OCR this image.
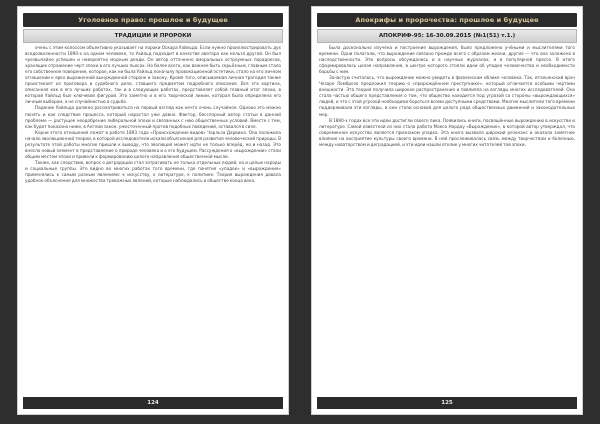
Уголовное право: прошлое и будущее
ТРАДИЦИИ И ПРОРОКИ

очень с этим колоссом объективно указывает на пороки Оскара Уайльда. Если нужно проиллюстрировать дух вседозволенности 1890-х на одном человеке, то Уайльд подходит в качестве аватара как нельзя другой. Он был чрезвычайно успешен и невероятно модным денди. Он автор отточенно аморальных остроумных парадоксов, хранящих отражение черт эпохи в его лучших пьесах. Но более всего, как важнее быть серьёзным, главным стало его собственное поведение, которое, как ни была Уайльд поначалу провокационной эстетики, стало на его личном отношении к ярко выраженной вынужденной стороне и закону. Кроме того, описываемая личная трагедия также проистекает из приговора и судебного дела, ставшего предметом подробного описания. Вся эта картина, описанная как в его лучших работах, так и в следующих работах, представляет собой главный итог эпохи, в которой Уайльд был ключевой фигурой. Это заметно и в его творческой линии, которая была определена его личным выбором, а не случайностью в судьбе.

Падение Уайльда должно рассматриваться на первый взгляд как нечто очень случайное. Однако это можно понять и как следствие процесса, который нарастал уже давно. Фактор, бесспорный автор статьи в данной проблеме — растущее неодобрение либеральной эпохи и связанных с нею общественных условий. Вместе с тем, как будет показано ниже, в Англии закон, ужесточенный против подобных поведений, оставался в силе.

Корни этого отношения лежат в работе 1893 года «Происхождение видов» Чарльза Дарвина. Она положила начало эволюционной теории, в которой исследователи искали объяснения для развития человеческой природы. В результате этой работы многие пришли к выводу, что эволюция может идти не только вперёд, но и назад. Это внесло новый элемент в представление о природе человека и о его будущем. Рассуждения о «вырождении» стали общим местом эпохи и привели к формированию целого направления общественной мысли.

Также, как следствие, вопрос о деградации стал затрагивать не только отдельных людей, но и целые народы и социальные группы. Это видно во многих работах того времени, где понятия «упадок» и «вырождение» применялись к самым разным явлениям: к искусству, к литературе, к политике. Теория вырождения давала удобное объяснение для множества тревожных явлений, которые наблюдались в обществе конца века.

124
Апокрифы и пророчества: прошлое и будущее
АПОКРИФ-95: 16-30.09.2015 (№1(51) т.1.)

Была досконально изучена и построение вырождения, было предложено учёными и мыслителями того времени. Одни полагали, что вырождение связано прежде всего с образом жизни, другие — что оно заложено в наследственности. Эти вопросы обсуждались и в научных журналах, и в популярной прессе. В итоге сформировалось целое направление, в центре которого стояли идеи об упадке человечества и необходимости борьбы с ним.

Зачастую считалось, что вырождение можно увидеть в физическом облике человека. Так, итальянский врач Чезаре Ломброзо предложил теорию о «прирождённом преступнике», который отличается особыми чертами внешности. Эта теория получила широкое распространение и повлияла на взгляды многих исследователей. Она стала частью общего представления о том, что общество находится под угрозой со стороны «вырождающихся» людей, и что с этой угрозой необходимо бороться всеми доступными средствами. Многие мыслители того времени поддерживали эти взгляды, и они стали основой для целого ряда общественных движений и законодательных мер.

В 1890-х годах все эти идеи достигли своего пика. Появились книги, посвящённые вырождению в искусстве и литературе. Самой известной из них стала работа Макса Нордау «Вырождение», в которой автор утверждал, что современное искусство является признаком упадка. Эта книга вызвала широкий резонанс и оказала заметное влияние на восприятие культуры своего времени. В ней прослеживалась связь между творчеством и болезнью, между новаторством и деградацией, и эти идеи нашли отклик у многих читателей той эпохи.

125
